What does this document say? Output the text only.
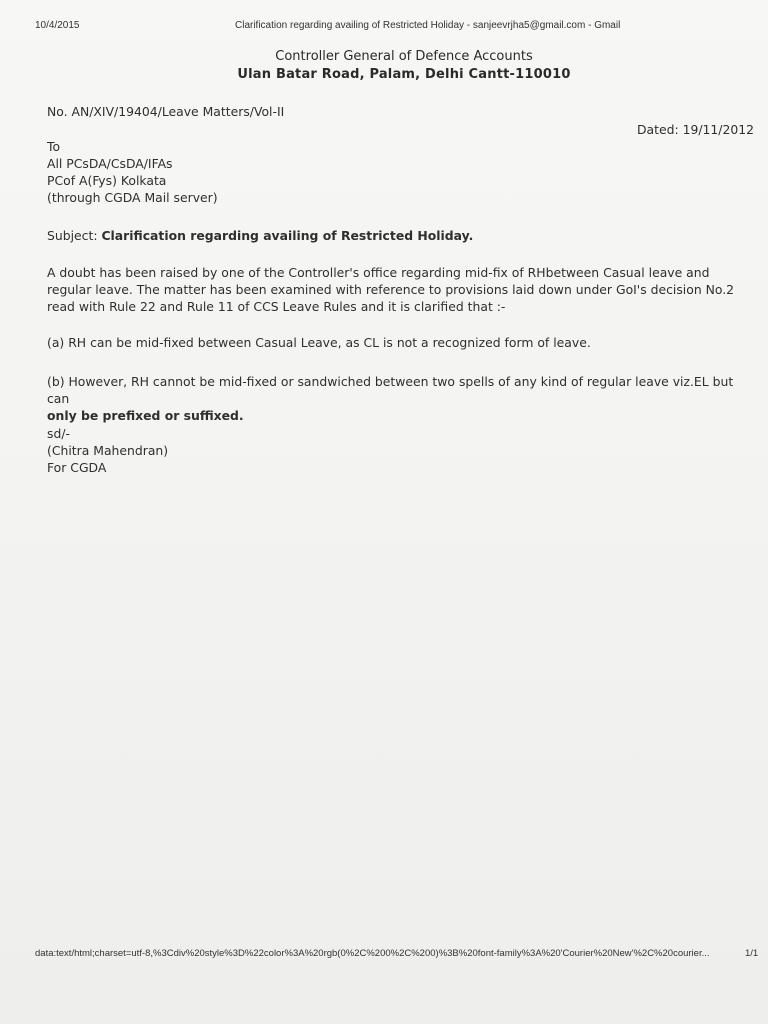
10/4/2015	Clarification regarding availing of Restricted Holiday - sanjeevrjha5@gmail.com - Gmail
Controller General of Defence Accounts
Ulan Batar Road, Palam, Delhi Cantt-110010
No. AN/XIV/19404/Leave Matters/Vol-II
Dated: 19/11/2012
To
All PCsDA/CsDA/IFAs
PCof A(Fys) Kolkata
(through CGDA Mail server)
Subject: Clarification regarding availing of Restricted Holiday.
A doubt has been raised by one of the Controller's office regarding mid-fix of RHbetween Casual leave and regular leave. The matter has been examined with reference to provisions laid down under GoI's decision No.2 read with Rule 22 and Rule 11 of CCS Leave Rules and it is clarified that :-
(a) RH can be mid-fixed between Casual Leave, as CL is not a recognized form of leave.
(b) However, RH cannot be mid-fixed or sandwiched between two spells of any kind of regular leave viz.EL but can
only be prefixed or suffixed.
sd/-
(Chitra Mahendran)
For CGDA
data:text/html;charset=utf-8,%3Cdiv%20style%3D%22color%3A%20rgb(0%2C%200%2C%200)%3B%20font-family%3A%20'Courier%20New'%2C%20courier...	1/1
